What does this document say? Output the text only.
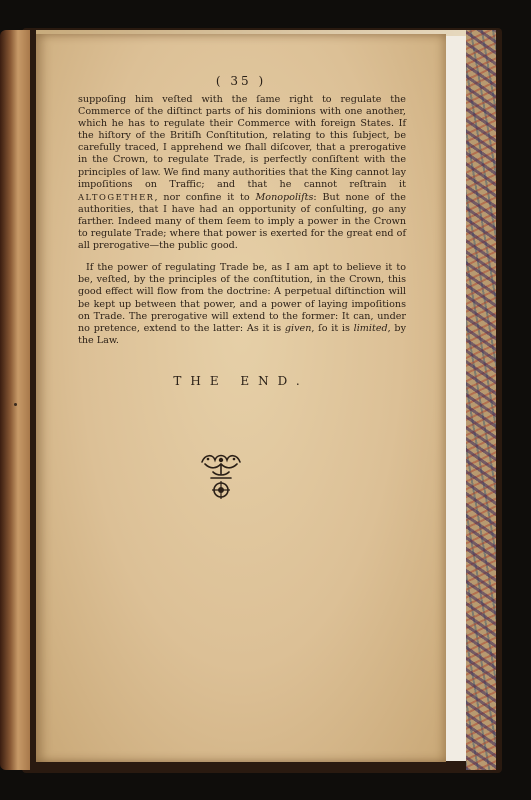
( 35 )

suppoſing him veſted with the ſame right to regulate the Commerce of the diſtinct parts of his dominions with one another, which he has to regulate their Commerce with foreign States. If the hiſtory of the Britiſh Conſtitution, relating to this ſubject, be carefully traced, I apprehend we ſhall diſcover, that a prerogative in the Crown, to regulate Trade, is perfectly conſiſtent with the principles of law. We find many authorities that the King cannot lay impoſitions on Traffic; and that he cannot reſtrain it ALTOGETHER, nor confine it to Monopoliſts: But none of the authorities, that I have had an opportunity of conſulting, go any farther. Indeed many of them ſeem to imply a power in the Crown to regulate Trade; where that power is exerted for the great end of all prerogative—the public good.

If the power of regulating Trade be, as I am apt to believe it to be, veſted, by the principles of the conſtitution, in the Crown, this good effect will flow from the doctrine: A perpetual diſtinction will be kept up between that power, and a power of laying impoſitions on Trade. The prerogative will extend to the former: It can, under no pretence, extend to the latter: As it is given, ſo it is limited, by the Law.

THE END.
